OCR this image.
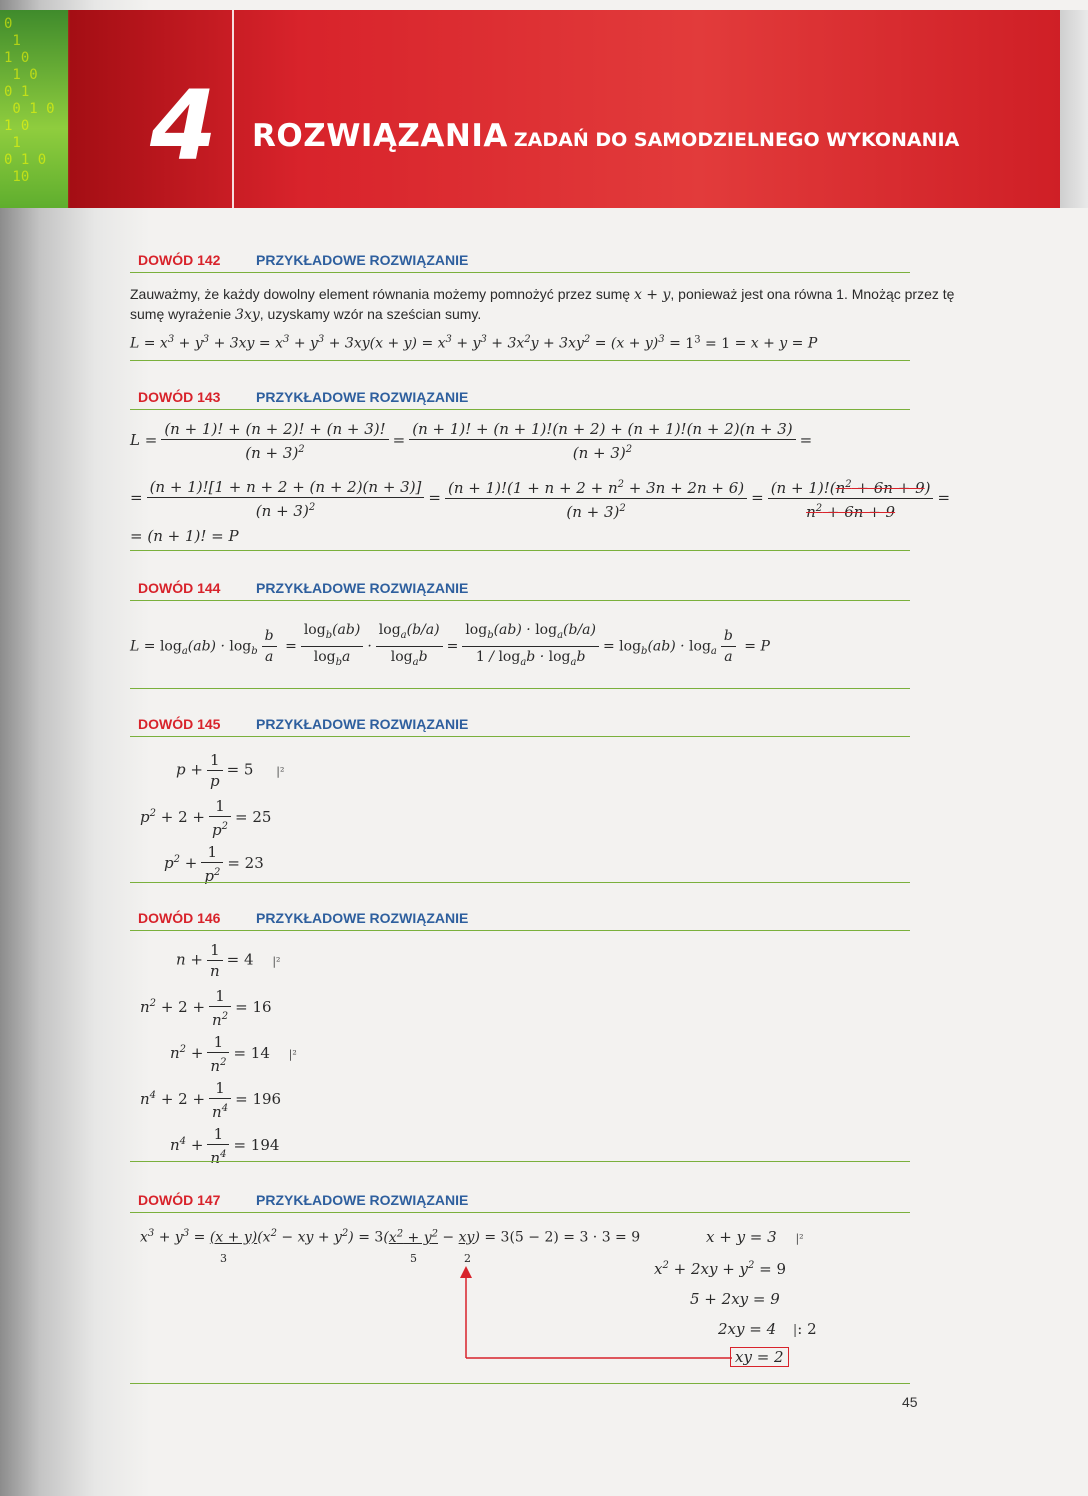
0
1
1 0
1 0
0 1
0 1 0
1 0
1
0 1 0
10	4 ROZWIĄZANIA ZADAŃ DO SAMODZIELNEGO WYKONANIA
DOWÓD 142	PRZYKŁADOWE ROZWIĄZANIE
Zauważmy, że każdy dowolny element równania możemy pomnożyć przez sumę x + y, ponieważ jest ona równa 1. Mnożąc przez tę
sumę wyrażenie 3xy, uzyskamy wzór na sześcian sumy.
$L = x^3 + y^3 + 3xy = x^3 + y^3 + 3xy(x + y) = x^3 + y^3 + 3x^2y + 3xy^2 = (x + y)^3 = 1^3 = 1 = x + y = P$
DOWÓD 143	PRZYKŁADOWE ROZWIĄZANIE
$L = \frac{(n + 1)! + (n + 2)! + (n + 3)!}{(n + 3)^2} = \frac{(n + 1)! + (n + 1)!(n + 2) + (n + 1)!(n + 2)(n + 3)}{(n + 3)^2}$ =
= $\frac{(n + 1)![1 + n + 2 + (n + 2)(n + 3)]}{(n + 3)^2} = \frac{(n + 1)!(1 + n + 2 + n^2 + 3n + 2n + 6)}{(n + 3)^2} = \frac{(n + 1)!(n^2 + 6n + 9)}{n^2 + 6n + 9}$ =
= (n + 1)! = P
DOWÓD 144	PRZYKŁADOWE ROZWIĄZANIE
$L = \log_a(ab) \cdot \log_b \frac{b}{a} = \frac{\log_b(ab)}{\log_ba} \cdot \frac{\log_a(b/a)}{\log_ab} = \frac{\log_b(ab) \cdot \log_a(b/a)}{1 / \log_ab \cdot \log_ab} = \log_b(ab) \cdot \log_a \frac{b}{a} = P$
DOWÓD 145	PRZYKŁADOWE ROZWIĄZANIE
$p + \frac{1}{p} = 5$ |²
$p^2 + 2 + \frac{1}{p^2} = 25$
$p^2 + \frac{1}{p^2} = 23$
DOWÓD 146	PRZYKŁADOWE ROZWIĄZANIE
$n + \frac{1}{n} = 4$ |²
$n^2 + 2 + \frac{1}{n^2} = 16$
$n^2 + \frac{1}{n^2} = 14$ |²
$n^4 + 2 + \frac{1}{n^4} = 196$
$n^4 + \frac{1}{n^4} = 194$
DOWÓD 147	PRZYKŁADOWE ROZWIĄZANIE
$x^3 + y^3 = (x + y)(x^2$ − xy + $y^2) = 3(x^2 + y^2 - xy) = 3(5 - 2) = 3 \cdot 3 = 9$
3	5	2
x + y = 3 |²
$x^2 + 2xy + y^2 = 9$
5 + 2xy = 9
2xy = 4 |: 2
xy = 2
45
